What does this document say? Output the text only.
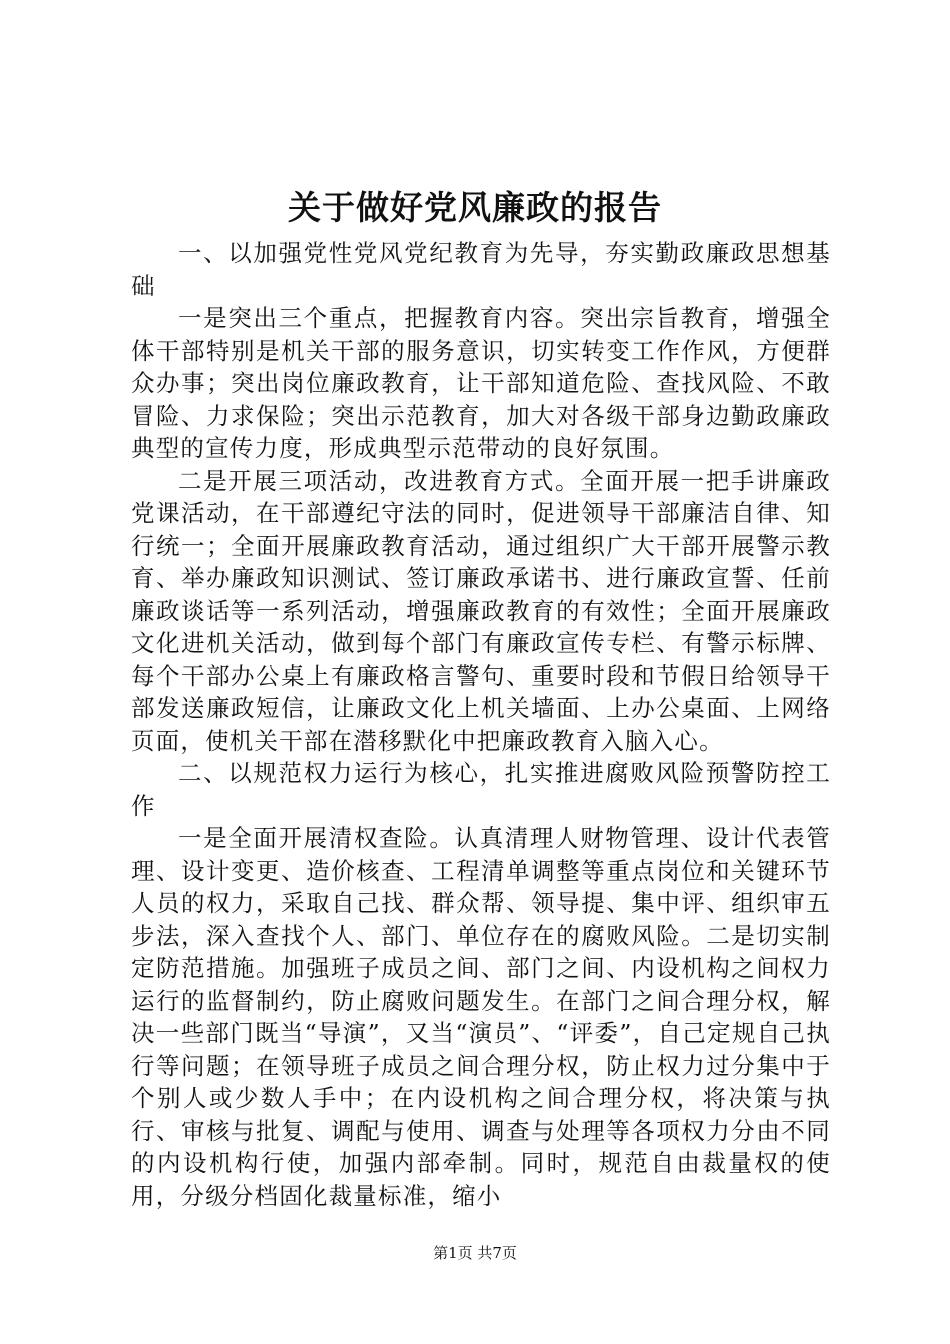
关于做好党风廉政的报告

一、以加强党性党风党纪教育为先导，夯实勤政廉政思想基础

一是突出三个重点，把握教育内容。突出宗旨教育，增强全体干部特别是机关干部的服务意识，切实转变工作作风，方便群众办事；突出岗位廉政教育，让干部知道危险、查找风险、不敢冒险、力求保险；突出示范教育，加大对各级干部身边勤政廉政典型的宣传力度，形成典型示范带动的良好氛围。

二是开展三项活动，改进教育方式。全面开展一把手讲廉政党课活动，在干部遵纪守法的同时，促进领导干部廉洁自律、知行统一；全面开展廉政教育活动，通过组织广大干部开展警示教育、举办廉政知识测试、签订廉政承诺书、进行廉政宣誓、任前廉政谈话等一系列活动，增强廉政教育的有效性；全面开展廉政文化进机关活动，做到每个部门有廉政宣传专栏、有警示标牌、每个干部办公桌上有廉政格言警句、重要时段和节假日给领导干部发送廉政短信，让廉政文化上机关墙面、上办公桌面、上网络页面，使机关干部在潜移默化中把廉政教育入脑入心。

二、以规范权力运行为核心，扎实推进腐败风险预警防控工作

一是全面开展清权查险。认真清理人财物管理、设计代表管理、设计变更、造价核查、工程清单调整等重点岗位和关键环节人员的权力，采取自己找、群众帮、领导提、集中评、组织审五步法，深入查找个人、部门、单位存在的腐败风险。二是切实制定防范措施。加强班子成员之间、部门之间、内设机构之间权力运行的监督制约，防止腐败问题发生。在部门之间合理分权，解决一些部门既当“导演”，又当“演员”、“评委”，自己定规自己执行等问题；在领导班子成员之间合理分权，防止权力过分集中于个别人或少数人手中；在内设机构之间合理分权，将决策与执行、审核与批复、调配与使用、调查与处理等各项权力分由不同的内设机构行使，加强内部牵制。同时，规范自由裁量权的使用，分级分档固化裁量标准，缩小

第1页 共7页
